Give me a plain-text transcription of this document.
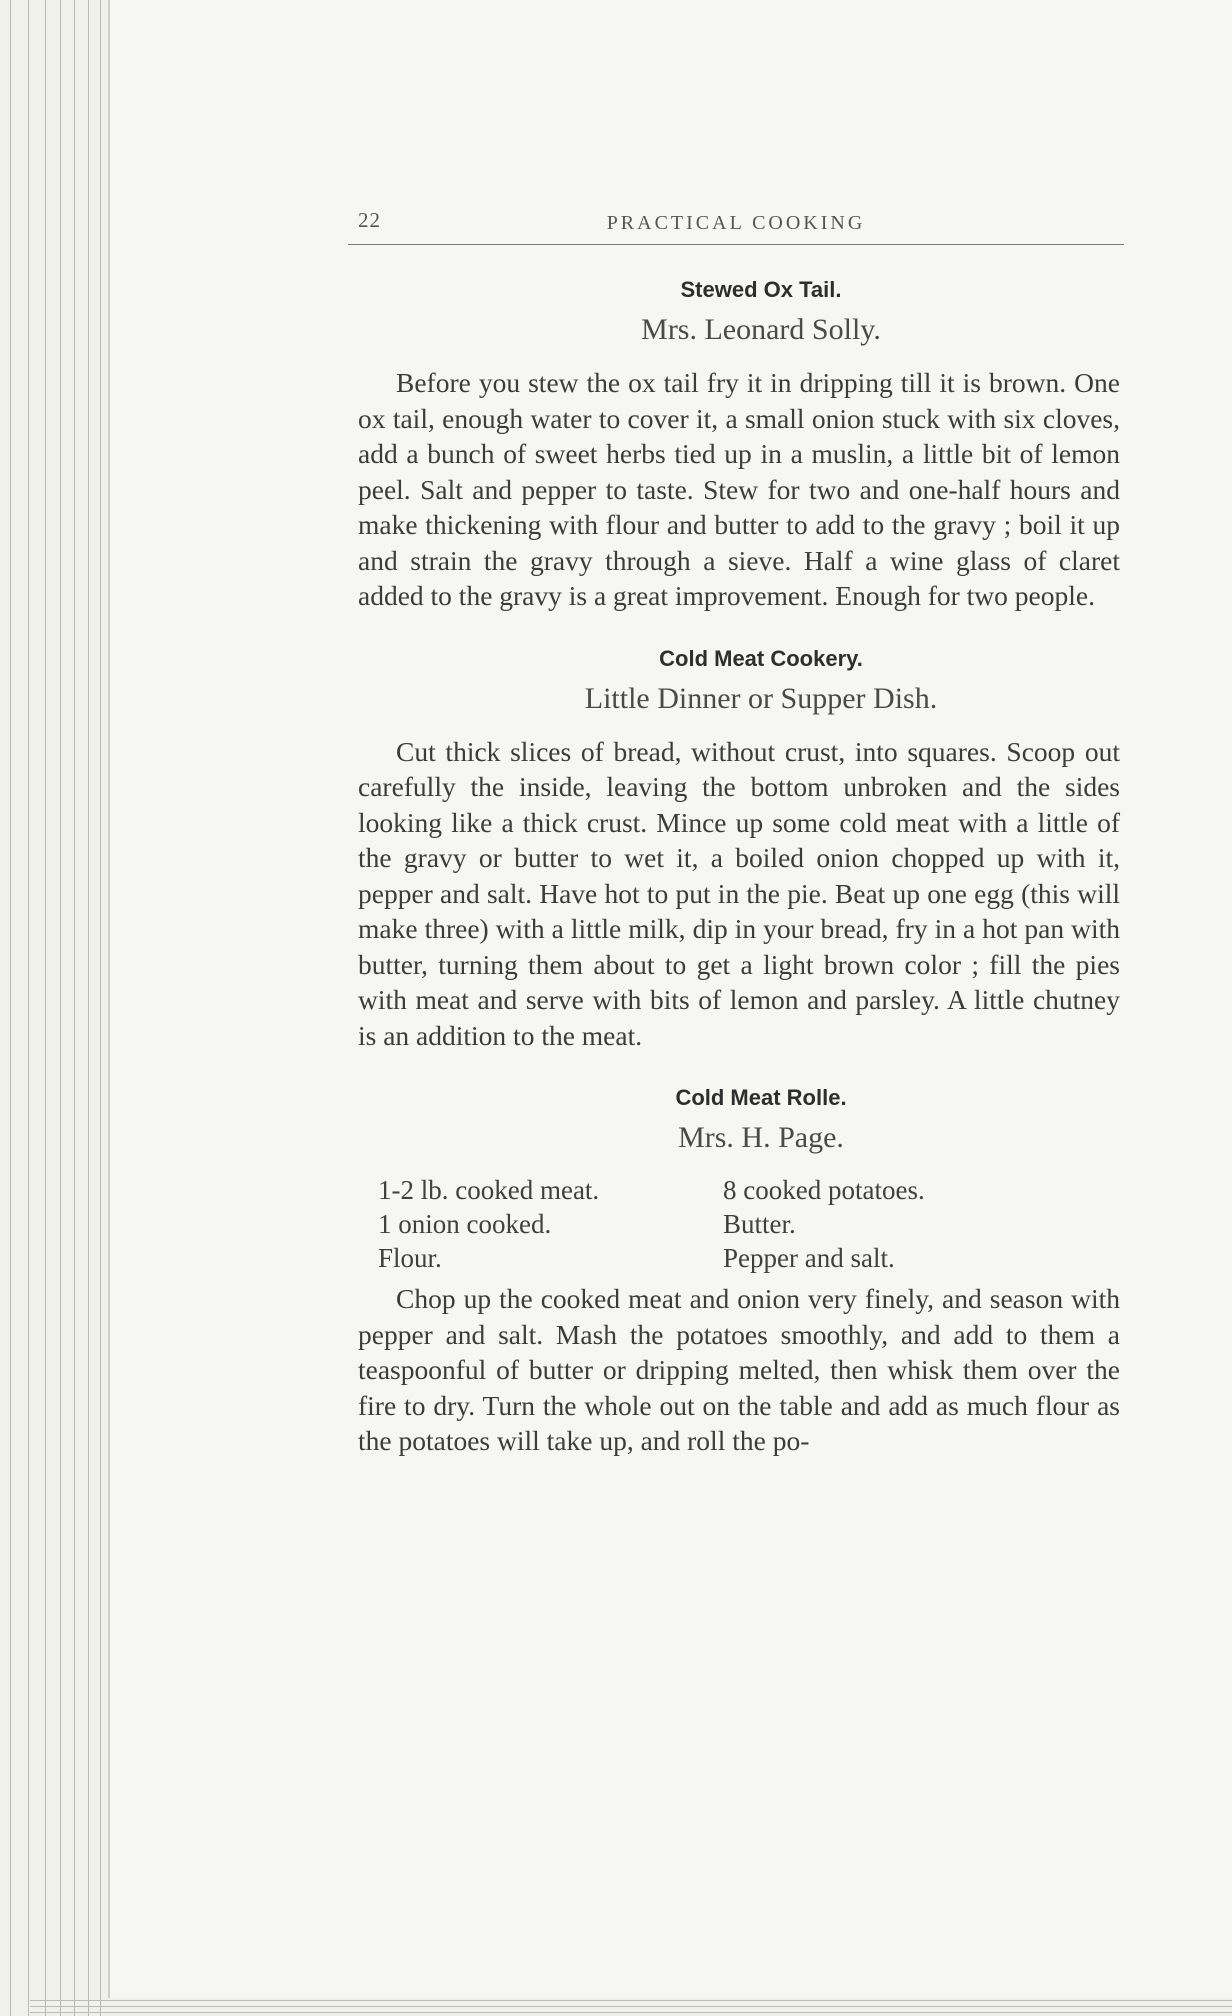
22	PRACTICAL COOKING
Stewed Ox Tail.
Mrs. Leonard Solly.

Before you stew the ox tail fry it in dripping till it is brown. One ox tail, enough water to cover it, a small onion stuck with six cloves, add a bunch of sweet herbs tied up in a muslin, a little bit of lemon peel. Salt and pepper to taste. Stew for two and one-half hours and make thickening with flour and butter to add to the gravy ; boil it up and strain the gravy through a sieve. Half a wine glass of claret added to the gravy is a great improvement. Enough for two people.

Cold Meat Cookery.
Little Dinner or Supper Dish.

Cut thick slices of bread, without crust, into squares. Scoop out carefully the inside, leaving the bottom unbroken and the sides looking like a thick crust. Mince up some cold meat with a little of the gravy or butter to wet it, a boiled onion chopped up with it, pepper and salt. Have hot to put in the pie. Beat up one egg (this will make three) with a little milk, dip in your bread, fry in a hot pan with butter, turning them about to get a light brown color ; fill the pies with meat and serve with bits of lemon and parsley. A little chutney is an addition to the meat.

Cold Meat Rolle.
Mrs. H. Page.
1-2 lb. cooked meat.	8 cooked potatoes.
1 onion cooked.	Butter.
Flour.	Pepper and salt.

Chop up the cooked meat and onion very finely, and season with pepper and salt. Mash the potatoes smoothly, and add to them a teaspoonful of butter or dripping melted, then whisk them over the fire to dry. Turn the whole out on the table and add as much flour as the potatoes will take up, and roll the po-
